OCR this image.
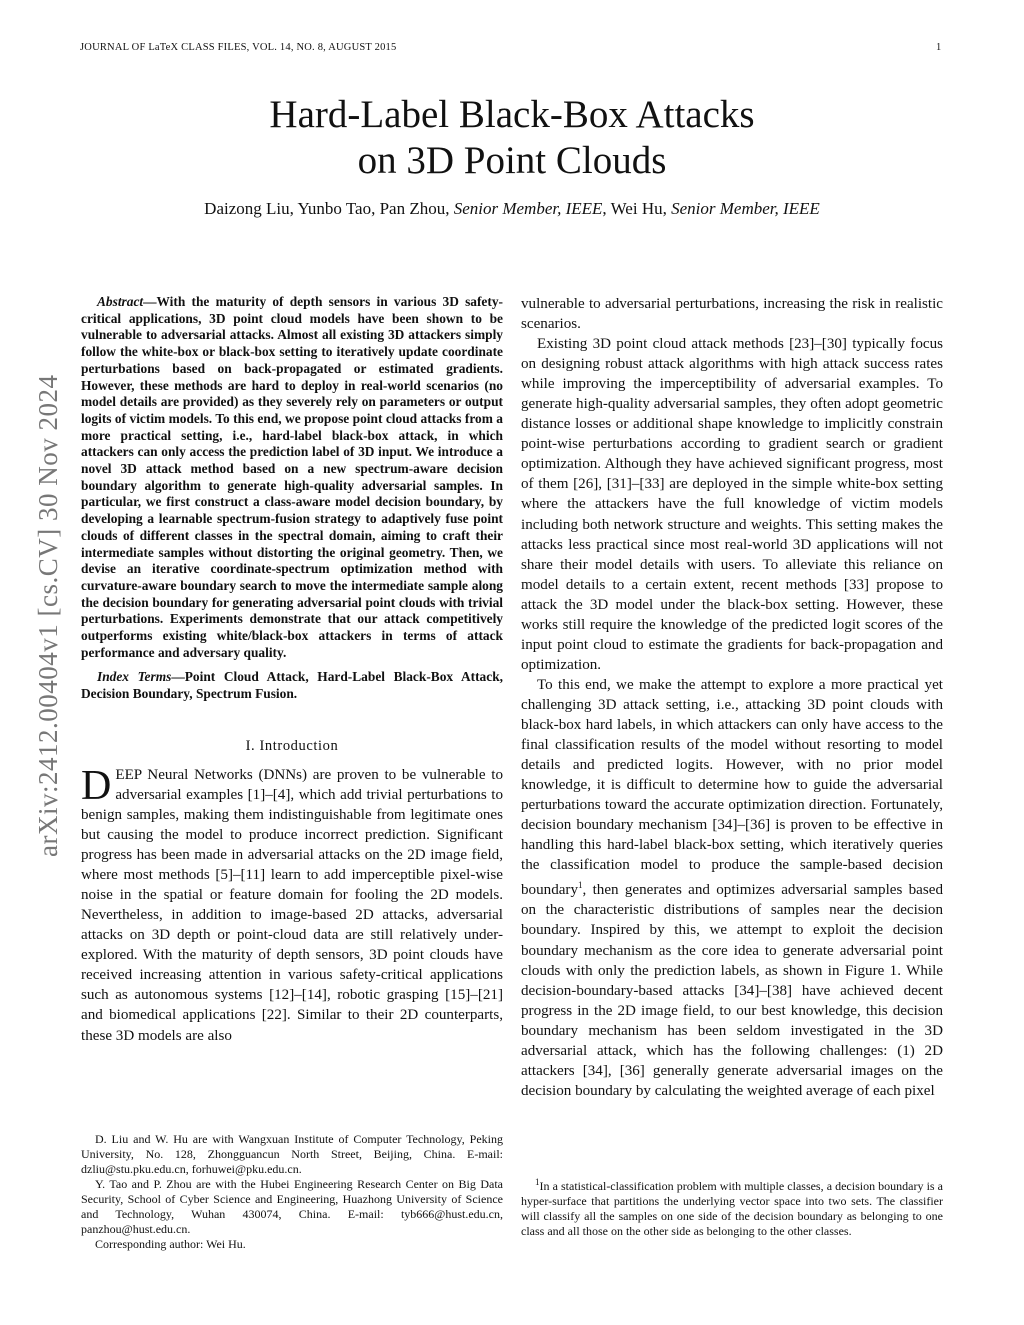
JOURNAL OF LaTeX CLASS FILES, VOL. 14, NO. 8, AUGUST 2015	1
Hard-Label Black-Box Attacks
on 3D Point Clouds
Daizong Liu, Yunbo Tao, Pan Zhou, Senior Member, IEEE, Wei Hu, Senior Member, IEEE
arXiv:2412.00404v1 [cs.CV] 30 Nov 2024

Abstract—With the maturity of depth sensors in various 3D safety-critical applications, 3D point cloud models have been shown to be vulnerable to adversarial attacks. Almost all existing 3D attackers simply follow the white-box or black-box setting to iteratively update coordinate perturbations based on back-propagated or estimated gradients. However, these methods are hard to deploy in real-world scenarios (no model details are provided) as they severely rely on parameters or output logits of victim models. To this end, we propose point cloud attacks from a more practical setting, i.e., hard-label black-box attack, in which attackers can only access the prediction label of 3D input. We introduce a novel 3D attack method based on a new spectrum-aware decision boundary algorithm to generate high-quality adversarial samples. In particular, we first construct a class-aware model decision boundary, by developing a learnable spectrum-fusion strategy to adaptively fuse point clouds of different classes in the spectral domain, aiming to craft their intermediate samples without distorting the original geometry. Then, we devise an iterative coordinate-spectrum optimization method with curvature-aware boundary search to move the intermediate sample along the decision boundary for generating adversarial point clouds with trivial perturbations. Experiments demonstrate that our attack competitively outperforms existing white/black-box attackers in terms of attack performance and adversary quality.

Index Terms—Point Cloud Attack, Hard-Label Black-Box Attack, Decision Boundary, Spectrum Fusion.

I. Introduction

DEEP Neural Networks (DNNs) are proven to be vulnerable to adversarial examples [1]–[4], which add trivial perturbations to benign samples, making them indistinguishable from legitimate ones but causing the model to produce incorrect prediction. Significant progress has been made in adversarial attacks on the 2D image field, where most methods [5]–[11] learn to add imperceptible pixel-wise noise in the spatial or feature domain for fooling the 2D models. Nevertheless, in addition to image-based 2D attacks, adversarial attacks on 3D depth or point-cloud data are still relatively under-explored. With the maturity of depth sensors, 3D point clouds have received increasing attention in various safety-critical applications such as autonomous systems [12]–[14], robotic grasping [15]–[21] and biomedical applications [22]. Similar to their 2D counterparts, these 3D models are also

vulnerable to adversarial perturbations, increasing the risk in realistic scenarios.

Existing 3D point cloud attack methods [23]–[30] typically focus on designing robust attack algorithms with high attack success rates while improving the imperceptibility of adversarial examples. To generate high-quality adversarial samples, they often adopt geometric distance losses or additional shape knowledge to implicitly constrain point-wise perturbations according to gradient search or gradient optimization. Although they have achieved significant progress, most of them [26], [31]–[33] are deployed in the simple white-box setting where the attackers have the full knowledge of victim models including both network structure and weights. This setting makes the attacks less practical since most real-world 3D applications will not share their model details with users. To alleviate this reliance on model details to a certain extent, recent methods [33] propose to attack the 3D model under the black-box setting. However, these works still require the knowledge of the predicted logit scores of the input point cloud to estimate the gradients for back-propagation and optimization.

To this end, we make the attempt to explore a more practical yet challenging 3D attack setting, i.e., attacking 3D point clouds with black-box hard labels, in which attackers can only have access to the final classification results of the model without resorting to model details and predicted logits. However, with no prior model knowledge, it is difficult to determine how to guide the adversarial perturbations toward the accurate optimization direction. Fortunately, decision boundary mechanism [34]–[36] is proven to be effective in handling this hard-label black-box setting, which iteratively queries the classification model to produce the sample-based decision boundary$^1$, then generates and optimizes adversarial samples based on the characteristic distributions of samples near the decision boundary. Inspired by this, we attempt to exploit the decision boundary mechanism as the core idea to generate adversarial point clouds with only the prediction labels, as shown in Figure 1. While decision-boundary-based attacks [34]–[38] have achieved decent progress in the 2D image field, to our best knowledge, this decision boundary mechanism has been seldom investigated in the 3D adversarial attack, which has the following challenges: (1) 2D attackers [34], [36] generally generate adversarial images on the decision boundary by calculating the weighted average of each pixel

D. Liu and W. Hu are with Wangxuan Institute of Computer Technology, Peking University, No. 128, Zhongguancun North Street, Beijing, China. E-mail: dzliu@stu.pku.edu.cn, forhuwei@pku.edu.cn.

Y. Tao and P. Zhou are with the Hubei Engineering Research Center on Big Data Security, School of Cyber Science and Engineering, Huazhong University of Science and Technology, Wuhan 430074, China. E-mail: tyb666@hust.edu.cn, panzhou@hust.edu.cn.

Corresponding author: Wei Hu.

$^1$In a statistical-classification problem with multiple classes, a decision boundary is a hyper-surface that partitions the underlying vector space into two sets. The classifier will classify all the samples on one side of the decision boundary as belonging to one class and all those on the other side as belonging to the other classes.
